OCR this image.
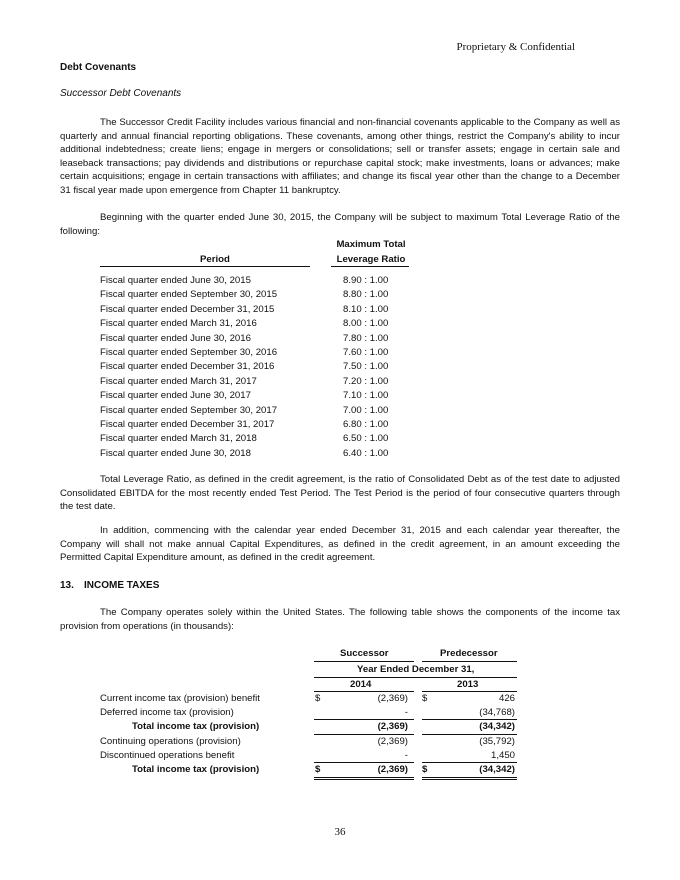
Proprietary & Confidential
Debt Covenants
Successor Debt Covenants
The Successor Credit Facility includes various financial and non-financial covenants applicable to the Company as well as quarterly and annual financial reporting obligations. These covenants, among other things, restrict the Company's ability to incur additional indebtedness; create liens; engage in mergers or consolidations; sell or transfer assets; engage in certain sale and leaseback transactions; pay dividends and distributions or repurchase capital stock; make investments, loans or advances; make certain acquisitions; engage in certain transactions with affiliates; and change its fiscal year other than the change to a December 31 fiscal year made upon emergence from Chapter 11 bankruptcy.
Beginning with the quarter ended June 30, 2015, the Company will be subject to maximum Total Leverage Ratio of the following:
Period
Maximum Total
Leverage Ratio
Fiscal quarter ended June 30, 2015	8.90 : 1.00
Fiscal quarter ended September 30, 2015	8.80 : 1.00
Fiscal quarter ended December 31, 2015	8.10 : 1.00
Fiscal quarter ended March 31, 2016	8.00 : 1.00
Fiscal quarter ended June 30, 2016	7.80 : 1.00
Fiscal quarter ended September 30, 2016	7.60 : 1.00
Fiscal quarter ended December 31, 2016	7.50 : 1.00
Fiscal quarter ended March 31, 2017	7.20 : 1.00
Fiscal quarter ended June 30, 2017	7.10 : 1.00
Fiscal quarter ended September 30, 2017	7.00 : 1.00
Fiscal quarter ended December 31, 2017	6.80 : 1.00
Fiscal quarter ended March 31, 2018	6.50 : 1.00
Fiscal quarter ended June 30, 2018	6.40 : 1.00
Total Leverage Ratio, as defined in the credit agreement, is the ratio of Consolidated Debt as of the test date to adjusted Consolidated EBITDA for the most recently ended Test Period. The Test Period is the period of four consecutive quarters through the test date.
In addition, commencing with the calendar year ended December 31, 2015 and each calendar year thereafter, the Company will shall not make annual Capital Expenditures, as defined in the credit agreement, in an amount exceeding the Permitted Capital Expenditure amount, as defined in the credit agreement.
13. INCOME TAXES
The Company operates solely within the United States. The following table shows the components of the income tax provision from operations (in thousands):
Successor	Predecessor
Year Ended December 31,
2014	2013
Current income tax (provision) benefit	$	(2,369) $	426
Deferred income tax (provision)	-	(34,768)
Total income tax (provision)	(2,369)	(34,342)
Continuing operations (provision)	(2,369)	(35,792)
Discontinued operations benefit	-	1,450
Total income tax (provision)	$	(2,369) $	(34,342)
36
